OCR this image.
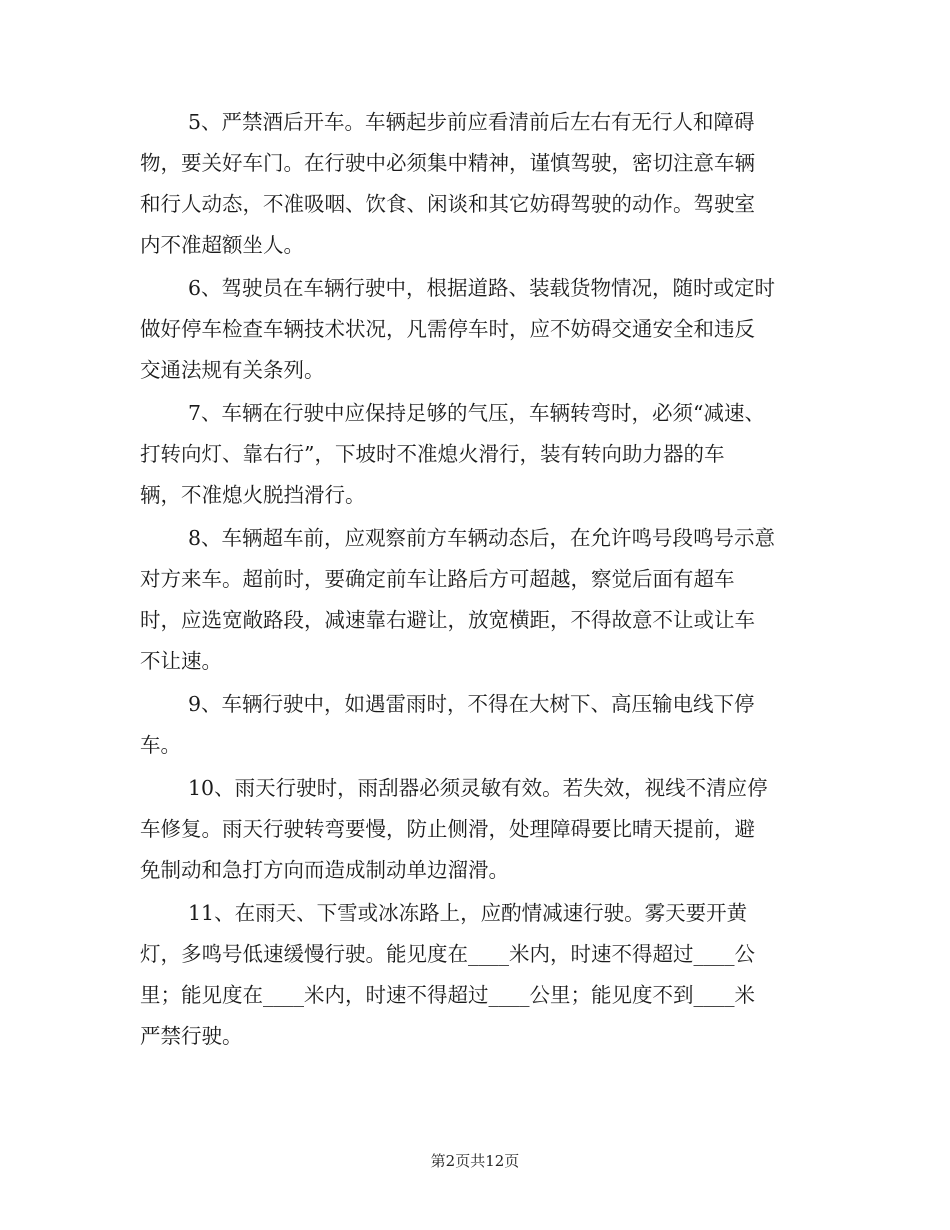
5、严禁酒后开车。车辆起步前应看清前后左右有无行人和障碍
物，要关好车门。在行驶中必须集中精神，谨慎驾驶，密切注意车辆
和行人动态，不准吸咽、饮食、闲谈和其它妨碍驾驶的动作。驾驶室
内不准超额坐人。

6、驾驶员在车辆行驶中，根据道路、装载货物情况，随时或定时
做好停车检查车辆技术状况，凡需停车时，应不妨碍交通安全和违反
交通法规有关条列。

7、车辆在行驶中应保持足够的气压，车辆转弯时，必须“减速、
打转向灯、靠右行”，下坡时不准熄火滑行，装有转向助力器的车
辆，不准熄火脱挡滑行。

8、车辆超车前，应观察前方车辆动态后，在允许鸣号段鸣号示意
对方来车。超前时，要确定前车让路后方可超越，察觉后面有超车
时，应选宽敞路段，减速靠右避让，放宽横距，不得故意不让或让车
不让速。

9、车辆行驶中，如遇雷雨时，不得在大树下、高压输电线下停
车。

10、雨天行驶时，雨刮器必须灵敏有效。若失效，视线不清应停
车修复。雨天行驶转弯要慢，防止侧滑，处理障碍要比晴天提前，避
免制动和急打方向而造成制动单边溜滑。

11、在雨天、下雪或冰冻路上，应酌情减速行驶。雾天要开黄
灯，多鸣号低速缓慢行驶。能见度在____米内，时速不得超过____公
里；能见度在____米内，时速不得超过____公里；能见度不到____米
严禁行驶。

第2页共12页
